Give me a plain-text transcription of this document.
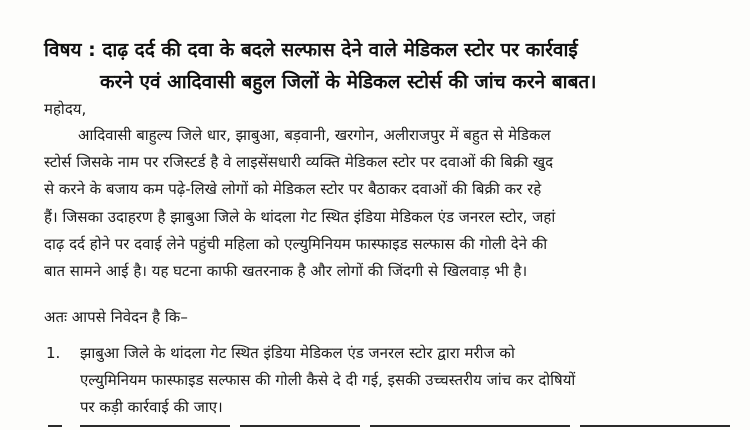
विषय : दाढ़ दर्द की दवा के बदले सल्फास देने वाले मेडिकल स्टोर पर कार्रवाई
करने एवं आदिवासी बहुल जिलों के मेडिकल स्टोर्स की जांच करने बाबत।
महोदय,
आदिवासी बाहुल्य जिले धार, झाबुआ, बड़वानी, खरगोन, अलीराजपुर में बहुत से मेडिकल
स्टोर्स जिसके नाम पर रजिस्टर्ड है वे लाइसेंसधारी व्यक्ति मेडिकल स्टोर पर दवाओं की बिक्री खुद
से करने के बजाय कम पढ़े-लिखे लोगों को मेडिकल स्टोर पर बैठाकर दवाओं की बिक्री कर रहे
हैं। जिसका उदाहरण है झाबुआ जिले के थांदला गेट स्थित इंडिया मेडिकल एंड जनरल स्टोर, जहां
दाढ़ दर्द होने पर दवाई लेने पहुंची महिला को एल्युमिनियम फास्फाइड सल्फास की गोली देने की
बात सामने आई है। यह घटना काफी खतरनाक है और लोगों की जिंदगी से खिलवाड़ भी है।
अतः आपसे निवेदन है कि–
1.	झाबुआ जिले के थांदला गेट स्थित इंडिया मेडिकल एंड जनरल स्टोर द्वारा मरीज को
एल्युमिनियम फास्फाइड सल्फास की गोली कैसे दे दी गई, इसकी उच्चस्तरीय जांच कर दोषियों
पर कड़ी कार्रवाई की जाए।
